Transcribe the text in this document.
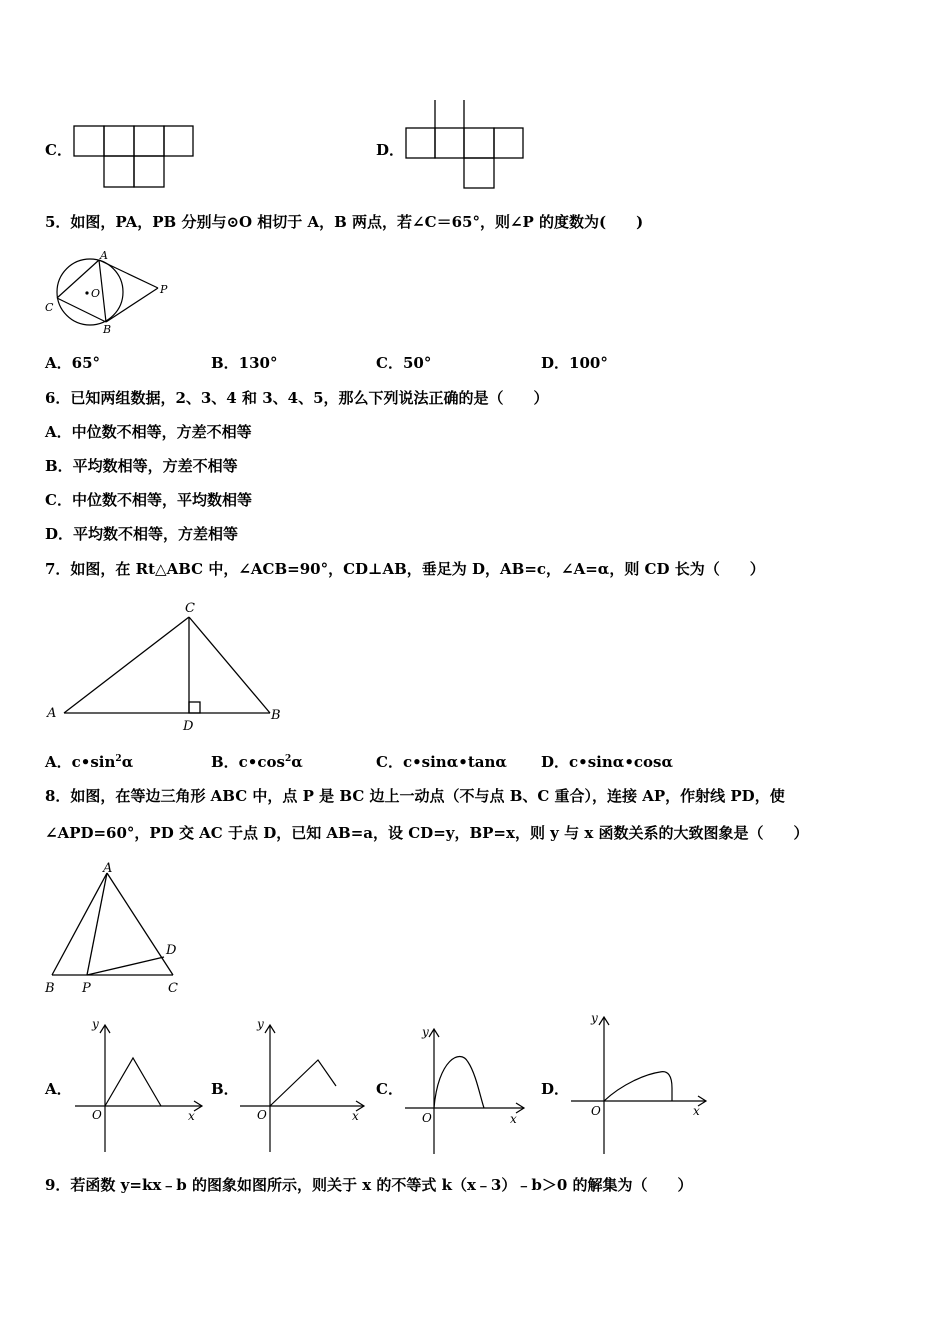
C．	D．
5．如图，PA，PB 分别与⊙O 相切于 A，B 两点，若∠C＝65°，则∠P 的度数为(　　)
A
C
O	P
B
A．65°	B．130°	C．50°	D．100°
6．已知两组数据，2、3、4 和 3、4、5，那么下列说法正确的是（　　）
A．中位数不相等，方差不相等
B．平均数相等，方差不相等
C．中位数不相等，平均数相等
D．平均数不相等，方差相等
7．如图，在 Rt△ABC 中，∠ACB=90°，CD⊥AB，垂足为 D，AB=c，∠A=α，则 CD 长为（　　）
C
A	B
D
A．$c•\sin^2\alpha$	B．$c•\cos^2\alpha$	C．c•sinα•tanα D．c•sinα•cosα
8．如图，在等边三角形 ABC 中，点 P 是 BC 边上一动点（不与点 B、C 重合），连接 AP，作射线 PD，使
∠APD=60°，PD 交 AC 于点 D，已知 AB=a，设 CD=y，BP=x，则 y 与 x 函数关系的大致图象是（　　）
A
B P	C
D
A．
y
x
O
B．
y
x
O
C．
y
x
O
D．
y
x
O
9．若函数 y=kx﹣b 的图象如图所示，则关于 x 的不等式 k（x﹣3）﹣b＞0 的解集为（　　）
